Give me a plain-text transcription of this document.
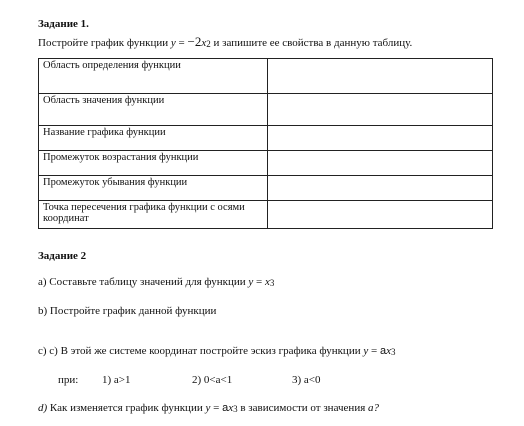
Задание 1.
Постройте график функции y = −2x2 и запишите ее свойства в данную таблицу.
Область определения функции	
Область значения функции	
Название графика функции	
Промежуток возрастания функции	
Промежуток убывания функции	
Точка пересечения графика функции с осями координат	
Задание 2
a) Составьте таблицу значений для функции y = x3
b) Постройте график данной функции
c) с) В этой же системе координат постройте эскиз графика функции y = ax3
при: 1) a>1	2) 0<a<1	3) a<0
d) Как изменяется график функции y = ax3 в зависимости от значения a?
